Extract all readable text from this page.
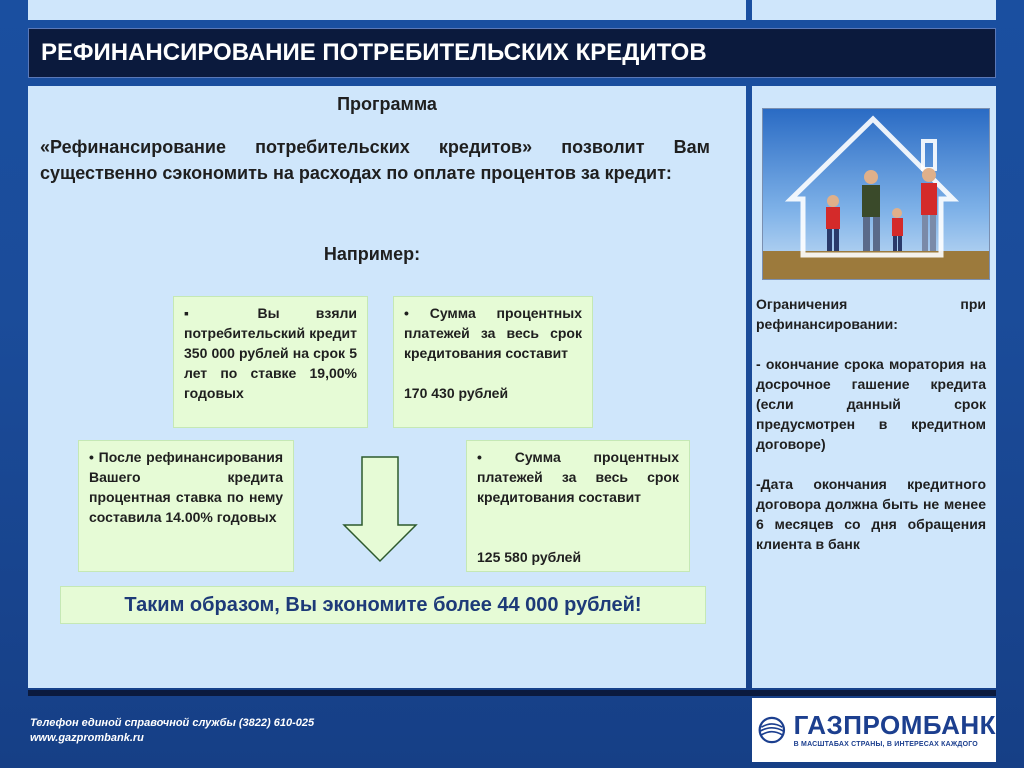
РЕФИНАНСИРОВАНИЕ ПОТРЕБИТЕЛЬСКИХ КРЕДИТОВ
Программа
«Рефинансирование потребительских кредитов» позволит Вам существенно сэкономить на расходах по оплате процентов за кредит:
Например:

▪ Вы взяли потребительский кредит 350 000 рублей на срок 5 лет по ставке 19,00% годовых

• Сумма процентных платежей за весь срок кредитования составит

170 430 рублей

• После рефинансирования Вашего кредита процентная ставка по нему составила 14.00% годовых

• Сумма процентных платежей за весь срок кредитования составит

125 580 рублей

Таким образом, Вы экономите более 44 000 рублей!

Ограничения при рефинансировании:

- окончание срока моратория на досрочное гашение кредита (если данный срок предусмотрен в кредитном договоре)

-Дата окончания кредитного договора должна быть не менее 6 месяцев со дня обращения клиента в банк

Телефон единой справочной службы (3822) 610-025
www.gazprombank.ru	ГАЗПРОМБАНК
В МАСШТАБАХ СТРАНЫ, В ИНТЕРЕСАХ КАЖДОГО
